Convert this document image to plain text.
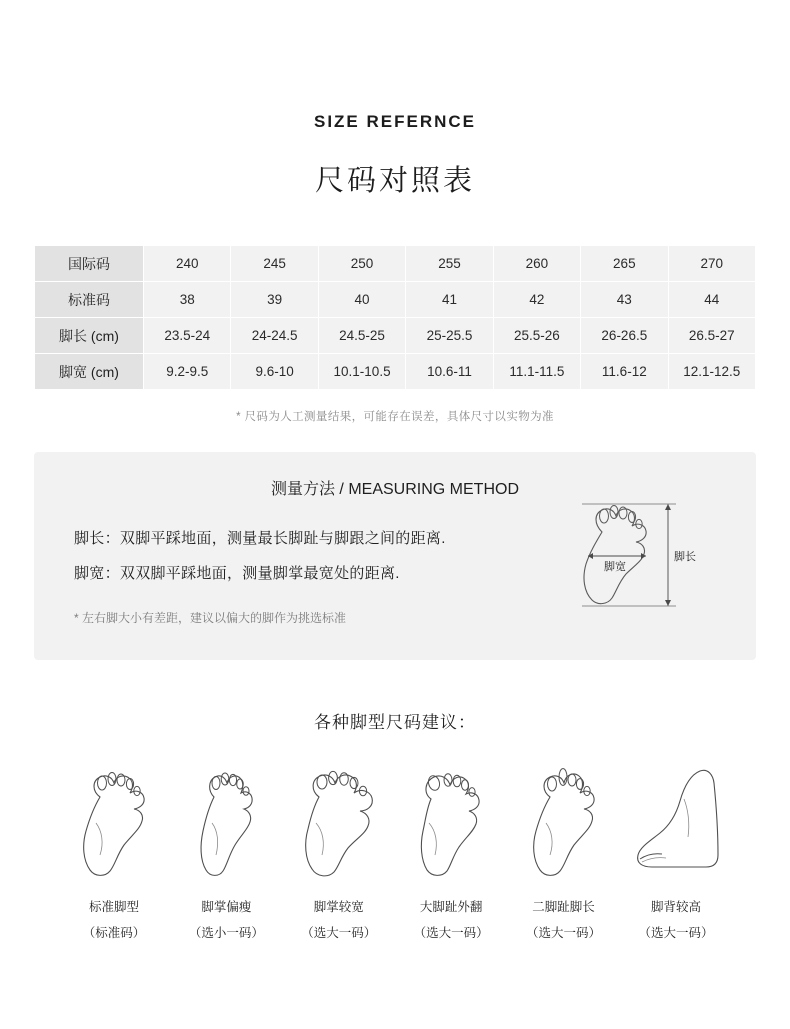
SIZE REFERNCE
尺码对照表
国际码	240	245	250	255	260	265	270
标准码	38	39	40	41	42	43	44
脚长 (cm)	23.5-24	24-24.5	24.5-25	25-25.5	25.5-26	26-26.5	26.5-27
脚宽 (cm)	9.2-9.5	9.6-10	10.1-10.5	10.6-11	11.1-11.5	11.6-12	12.1-12.5
* 尺码为人工测量结果，可能存在误差，具体尺寸以实物为准
测量方法 / MEASURING METHOD
脚长：双脚平踩地面，测量最长脚趾与脚跟之间的距离.
脚宽：双双脚平踩地面，测量脚掌最宽处的距离.
* 左右脚大小有差距，建议以偏大的脚作为挑选标准
脚宽
脚长
各种脚型尺码建议：
标准脚型
（标准码）
脚掌偏瘦
（选小一码）
脚掌较宽
（选大一码）
大脚趾外翻
（选大一码）
二脚趾脚长
（选大一码）
脚背较高
（选大一码）
